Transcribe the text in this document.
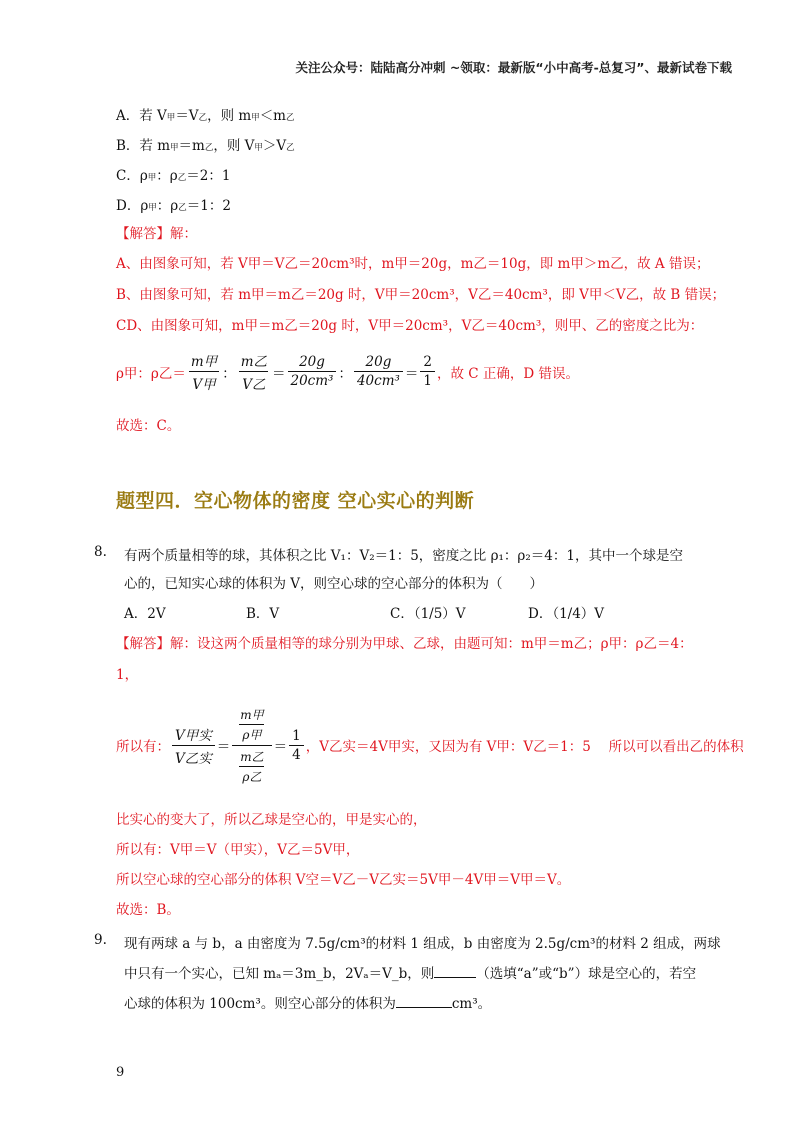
关注公众号：陆陆高分冲刺 ~领取：最新版“小中高考-总复习”、最新试卷下载
A．若 V甲＝V乙，则 m甲＜m乙
B．若 m甲＝m乙，则 V甲＞V乙
C．ρ甲：ρ乙＝2：1
D．ρ甲：ρ乙＝1：2
【解答】解：
A、由图象可知，若 V甲＝V乙＝20cm³时，m甲＝20g，m乙＝10g，即 m甲＞m乙，故 A 错误；
B、由图象可知，若 m甲＝m乙＝20g 时，V甲＝20cm³，V乙＝40cm³，即 V甲＜V乙，故 B 错误；
CD、由图象可知，m甲＝m乙＝20g 时，V甲＝20cm³，V乙＝40cm³，则甲、乙的密度之比为：
ρ甲：ρ乙＝ $\frac{\text{m甲}}{\text{V甲}}$ ： $\frac{\text{m乙}}{\text{V乙}} = \frac{20g}{\text{20cm³}}$ ： $\frac{20g}{\text{40cm³}} = \frac{2}{1}$ ，故 C 正确，D 错误。
故选：C。
题型四．空心物体的密度 空心实心的判断
8. 有两个质量相等的球，其体积之比 V₁：V₂＝1：5，密度之比 ρ₁：ρ₂＝4：1，其中一个球是空
心的，已知实心球的体积为 V，则空心球的空心部分的体积为（　　）
A．2V	B．V	C．（1/5）V	D．（1/4）V
【解答】解：设这两个质量相等的球分别为甲球、乙球，由题可知：m甲＝m乙；ρ甲：ρ乙＝4：
1，
所以有： $\frac{\text{V甲实}}{\text{V乙实}} = \frac{\frac{\text{m甲}}{\text{ρ甲}}}{\frac{\text{m乙}}{\text{ρ乙}}} = \frac{1}{4}$ ，V乙实＝4V甲实，又因为有 V甲：V乙＝1：5　 所以可以看出乙的体积
比实心的变大了，所以乙球是空心的，甲是实心的，
所以有：V甲＝V（甲实），V乙＝5V甲，
所以空心球的空心部分的体积 V空＝V乙－V乙实＝5V甲－4V甲＝V甲＝V。
故选：B。
9. 现有两球 a 与 b，a 由密度为 7.5g/cm³的材料 1 组成，b 由密度为 2.5g/cm³的材料 2 组成，两球
中只有一个实心，已知 mₐ＝3m_b，2Vₐ＝V_b，则	（选填“a”或“b”）球是空心的，若空
心球的体积为 100cm³。则空心部分的体积为	cm³。
9
